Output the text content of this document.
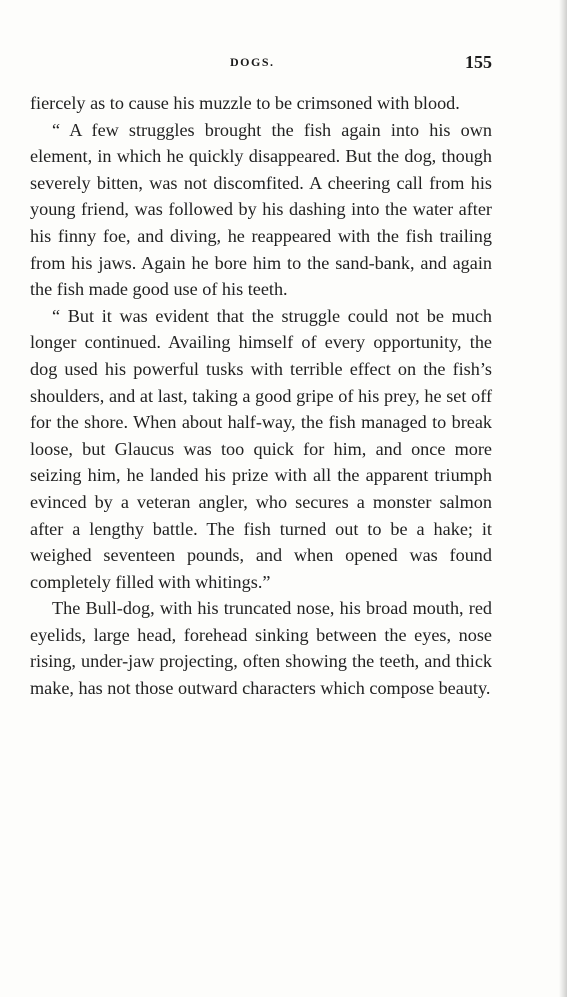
DOGS.	155

fiercely as to cause his muzzle to be crimsoned with blood.

“ A few struggles brought the fish again into his own element, in which he quickly disappeared. But the dog, though severely bitten, was not discomfited. A cheering call from his young friend, was followed by his dashing into the water after his finny foe, and diving, he reappeared with the fish trailing from his jaws. Again he bore him to the sand-bank, and again the fish made good use of his teeth.

“ But it was evident that the struggle could not be much longer continued. Availing himself of every opportunity, the dog used his powerful tusks with terrible effect on the fish’s shoulders, and at last, taking a good gripe of his prey, he set off for the shore. When about half-way, the fish managed to break loose, but Glaucus was too quick for him, and once more seizing him, he landed his prize with all the apparent triumph evinced by a veteran angler, who secures a monster salmon after a lengthy battle. The fish turned out to be a hake; it weighed seventeen pounds, and when opened was found completely filled with whitings.”

The Bull-dog, with his truncated nose, his broad mouth, red eyelids, large head, forehead sinking between the eyes, nose rising, under-jaw projecting, often showing the teeth, and thick make, has not those outward characters which compose beauty.
